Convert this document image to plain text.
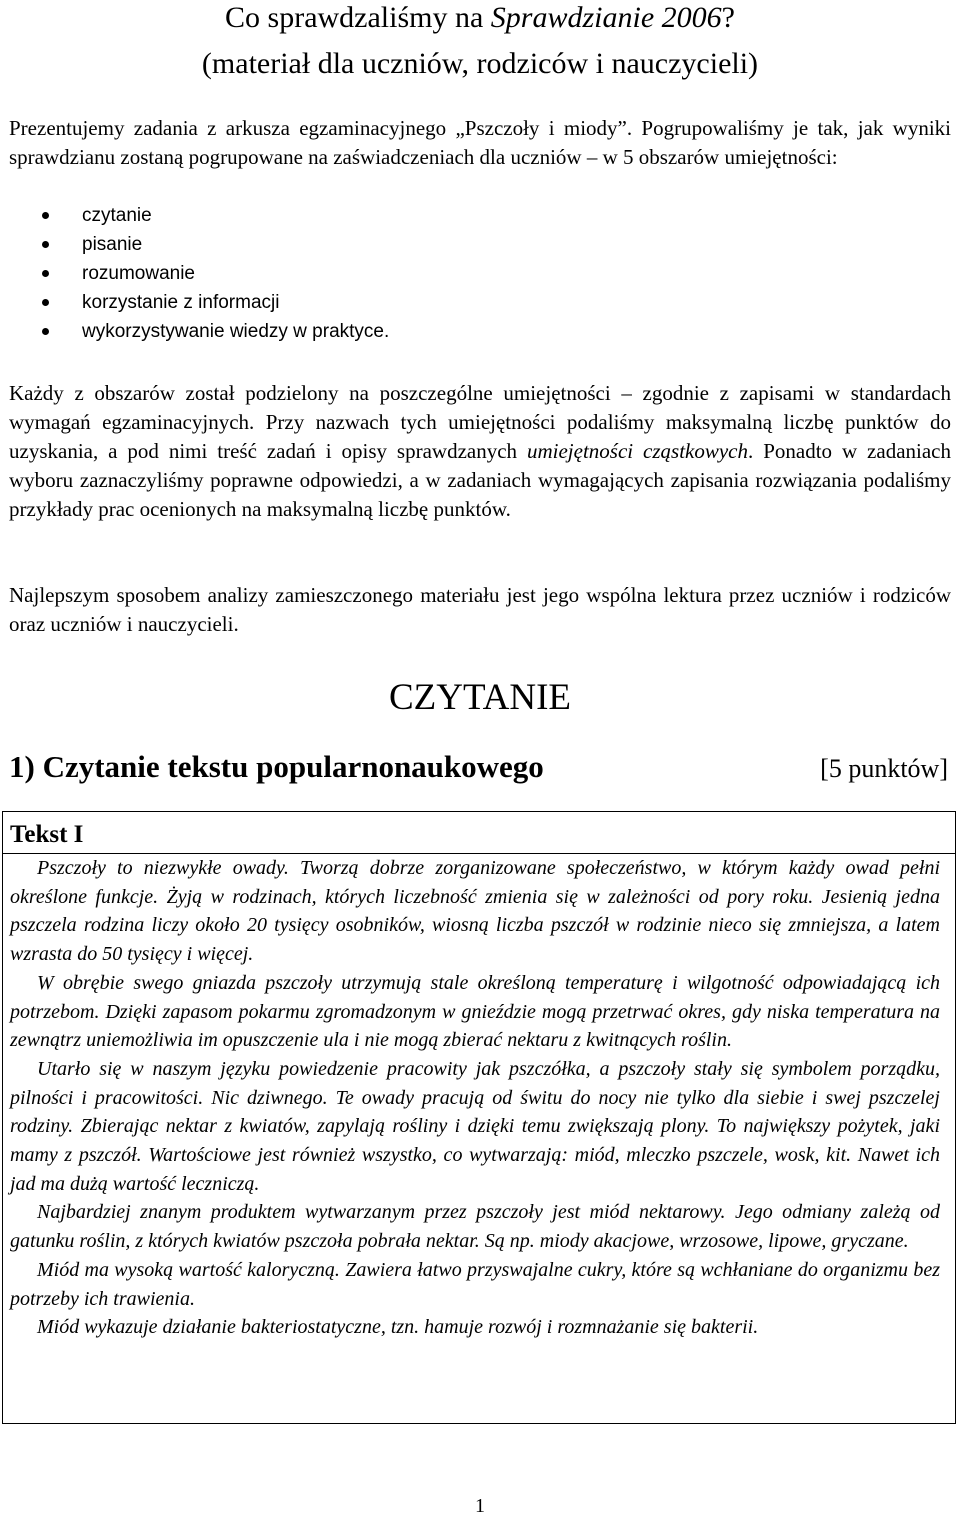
Co sprawdzaliśmy na Sprawdzianie 2006?
(materiał dla uczniów, rodziców i nauczycieli)
Prezentujemy zadania z arkusza egzaminacyjnego „Pszczoły i miody”. Pogrupowaliśmy je tak, jak wyniki sprawdzianu zostaną pogrupowane na zaświadczeniach dla uczniów – w 5 obszarów umiejętności:
czytanie
pisanie
rozumowanie
korzystanie z informacji
wykorzystywanie wiedzy w praktyce.
Każdy z obszarów został podzielony na poszczególne umiejętności – zgodnie z zapisami w standardach wymagań egzaminacyjnych. Przy nazwach tych umiejętności podaliśmy maksymalną liczbę punktów do uzyskania, a pod nimi treść zadań i opisy sprawdzanych umiejętności cząstkowych. Ponadto w zadaniach wyboru zaznaczyliśmy poprawne odpowiedzi, a w zadaniach wymagających zapisania rozwiązania podaliśmy przykłady prac ocenionych na maksymalną liczbę punktów.
Najlepszym sposobem analizy zamieszczonego materiału jest jego wspólna lektura przez uczniów i rodziców oraz uczniów i nauczycieli.
CZYTANIE
1) Czytanie tekstu popularnonaukowego	[5 punktów]
Tekst I

Pszczoły to niezwykłe owady. Tworzą dobrze zorganizowane społeczeństwo, w którym każdy owad pełni określone funkcje. Żyją w rodzinach, których liczebność zmienia się w zależności od pory roku. Jesienią jedna pszczela rodzina liczy około 20 tysięcy osobników, wiosną liczba pszczół w rodzinie nieco się zmniejsza, a latem wzrasta do 50 tysięcy i więcej.

W obrębie swego gniazda pszczoły utrzymują stale określoną temperaturę i wilgotność odpowiadającą ich potrzebom. Dzięki zapasom pokarmu zgromadzonym w gnieździe mogą przetrwać okres, gdy niska temperatura na zewnątrz uniemożliwia im opuszczenie ula i nie mogą zbierać nektaru z kwitnących roślin.

Utarło się w naszym języku powiedzenie pracowity jak pszczółka, a pszczoły stały się symbolem porządku, pilności i pracowitości. Nic dziwnego. Te owady pracują od świtu do nocy nie tylko dla siebie i swej pszczelej rodziny. Zbierając nektar z kwiatów, zapylają rośliny i dzięki temu zwiększają plony. To największy pożytek, jaki mamy z pszczół. Wartościowe jest również wszystko, co wytwarzają: miód, mleczko pszczele, wosk, kit. Nawet ich jad ma dużą wartość leczniczą.

Najbardziej znanym produktem wytwarzanym przez pszczoły jest miód nektarowy. Jego odmiany zależą od gatunku roślin, z których kwiatów pszczoła pobrała nektar. Są np. miody akacjowe, wrzosowe, lipowe, gryczane.

Miód ma wysoką wartość kaloryczną. Zawiera łatwo przyswajalne cukry, które są wchłaniane do organizmu bez potrzeby ich trawienia.

Miód wykazuje działanie bakteriostatyczne, tzn. hamuje rozwój i rozmnażanie się bakterii.

1
